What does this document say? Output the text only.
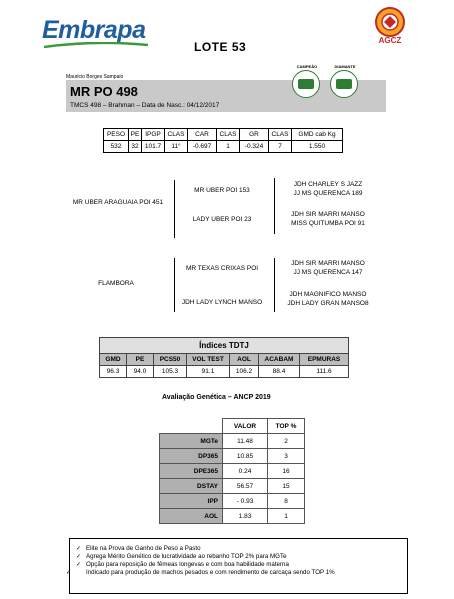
Embrapa	AGCZ
LOTE 53
Mauricio Borges Sampaio
MR PO 498
TMCS 498 – Brahman – Data de Nasc.: 04/12/2017
CAMPEÃO	DIAMANTE
PESO	PE	IPGP	CLAS	CAR	CLAS	GR	CLAS	GMD cab Kg
532	32	101.7	11°	-0.697	1	-0.324	7	1.550
MR UBER ARAGUAIA POI 451
MR UBER POI 153
LADY UBER POI 23
JDH CHARLEY S JAZZ
JJ MS QUERENCA 189
JDH SIR MARRI MANSO
MISS QUITUMBA POI 91
FLAMBORA
MR TEXAS CRIXAS POI
JDH LADY LYNCH MANSO
JDH SIR MARRI MANSO
JJ MS QUERENCA 147
JDH MAGNIFICO MANSO
JDH LADY GRAN MANSO8
Índices TDTJ						
GMD	PE	PCS50	VOL TEST	AOL	ACABAM	EPMURAS
96.3	94.0	105.3	91.1	106.2	88.4	111.6
Avaliação Genética – ANCP 2019
	VALOR	TOP %
MGTe	11.48	2
DP365	10.85	3
DPE365	0.24	16
DSTAY	56.57	15
IPP	- 0.93	8
AOL	1.83	1
✓ Elite na Prova de Ganho de Peso a Pasto
✓ Agrega Mérito Genético de lucratividade ao rebanho TOP 2% para MGTe
✓ Opção para reposição de fêmeas longevas e com boa habilidade materna
✓ Indicado para produção de machos pesados e com rendimento de carcaça sendo TOP 1%
